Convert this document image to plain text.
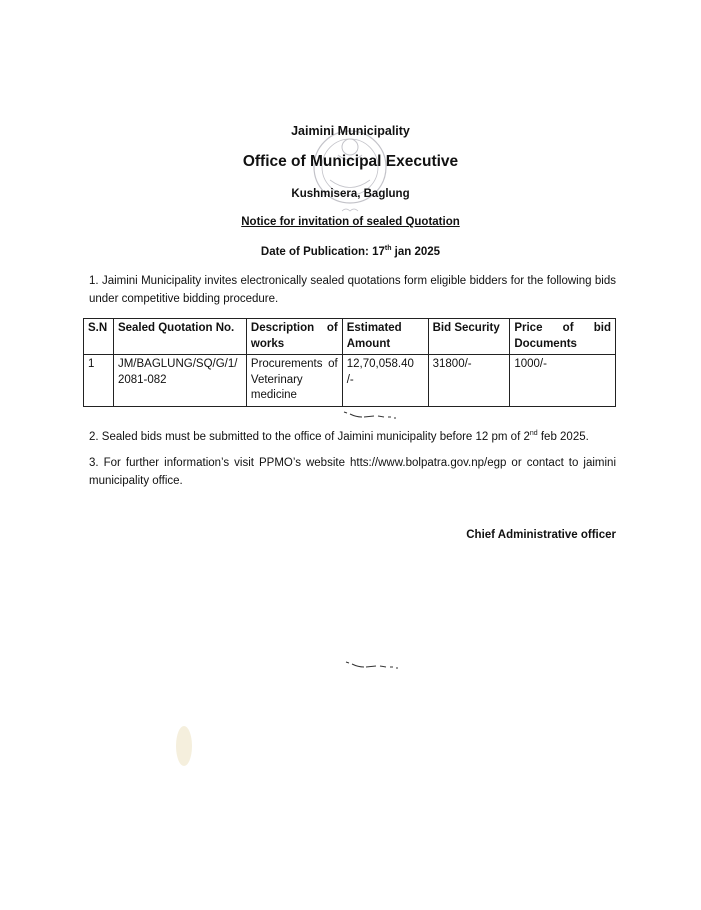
Jaimini Municipality
Office of Municipal Executive
Kushmisera, Baglung
Notice for invitation of sealed Quotation
Date of Publication: 17th jan 2025
1. Jaimini Municipality invites electronically sealed quotations form eligible bidders for the following bids under competitive bidding procedure.
S.N	Sealed Quotation No.	Description of works	Estimated Amount	Bid Security	Price of bid Documents
1	JM/BAGLUNG/SQ/G/1/ 2081-082	Procurements of Veterinary medicine	12,70,058.40 /-	31800/-	1000/-
2. Sealed bids must be submitted to the office of Jaimini municipality before 12 pm of 2nd feb 2025.
3. For further information’s visit PPMO’s website htts://www.bolpatra.gov.np/egp or contact to jaimini municipality office.
Chief Administrative officer
